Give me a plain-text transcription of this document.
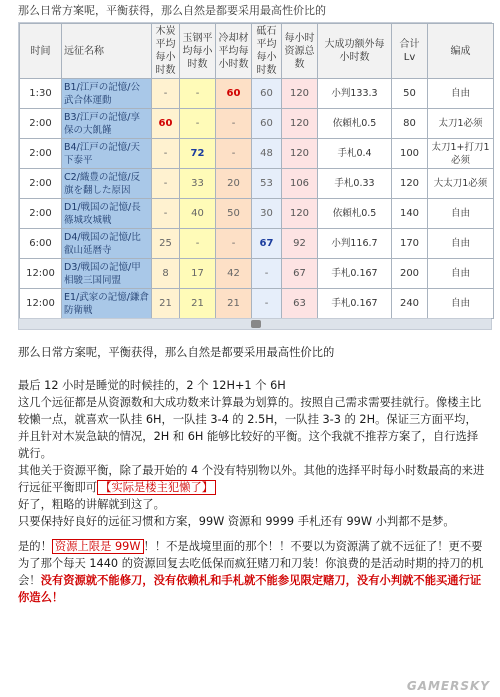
那么日常方案呢，平衡获得，那么自然是都要采用最高性价比的
时间	远征名称	木炭平均每小时数	玉钢平均每小时数	冷却材平均每小时数	砥石平均每小时数	每小时资源总数	大成功额外每小时数	合计Lv	编成
1:30	B1/江戸の記憶/公武合体運動	-	-	60	60	120	小判133.3	50	自由
2:00	B3/江戸の記憶/享保の大飢饉	60	-	-	60	120	依頼札0.5	80	太刀1必须
2:00	B4/江戸の記憶/天下泰平	-	72	-	48	120	手札0.4	100	太刀1+打刀1必须
2:00	C2/織豊の記憶/反旗を翻した原因	-	33	20	53	106	手札0.33	120	大太刀1必须
2:00	D1/戦国の記憶/長篠城攻城戦	-	40	50	30	120	依頼札0.5	140	自由
6:00	D4/戦国の記憶/比叡山延暦寺	25	-	-	67	92	小判116.7	170	自由
12:00	D3/戦国の記憶/甲相駿三国同盟	8	17	42	-	67	手札0.167	200	自由
12:00	E1/武家の記憶/鎌倉防衛戦	21	21	21	-	63	手札0.167	240	自由

那么日常方案呢，平衡获得，那么自然是都要采用最高性价比的

最后 12 小时是睡觉的时候挂的，2 个 12H+1 个 6H

这几个远征都是从资源数和大成功数来计算最为划算的。按照自己需求需要挂就行。像楼主比较懒一点，就喜欢一队挂 6H，一队挂 3-4 的 2.5H，一队挂 3-3 的 2H。保证三方面平均，并且针对木炭急缺的情况，2H 和 6H 能够比较好的平衡。这个我就不推荐方案了，自行选择就行。

其他关于资源平衡，除了最开始的 4 个没有特别物以外。其他的选择平时每小时数最高的来进行远征平衡即可 【实际是楼主犯懒了】

好了，粗略的讲解就到这了。

只要保持好良好的远征习惯和方案，99W 资源和 9999 手札还有 99W 小判都不是梦。

是的！ 资源上限是 99W ！！不是战境里面的那个！！不要以为资源满了就不远征了！更不要为了那个每天 1440 的资源回复去吃低保而疯狂赌刀和刀装！你浪费的是活动时期的持刀的机会！没有资源就不能修刀，没有依赖札和手札就不能参见限定赌刀，没有小判就不能买通行证你造么！

GAMERSKY
